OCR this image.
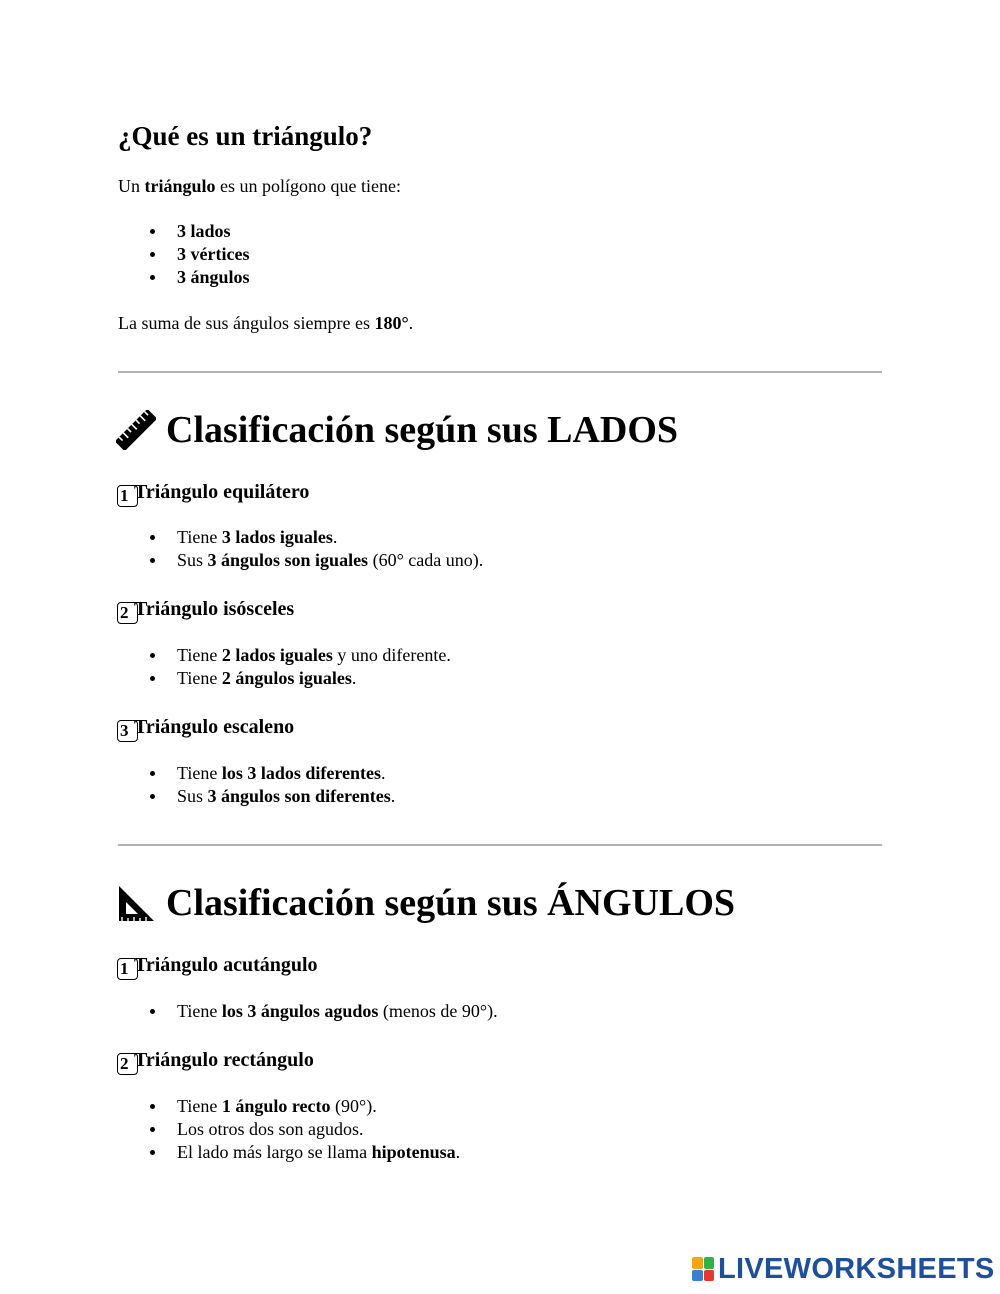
¿Qué es un triángulo?

Un triángulo es un polígono que tiene:

3 lados
3 vértices
3 ángulos

La suma de sus ángulos siempre es 180°.

Clasificación según sus LADOS
1 Triángulo equilátero
Tiene 3 lados iguales.
Sus 3 ángulos son iguales (60° cada uno).
2 Triángulo isósceles
Tiene 2 lados iguales y uno diferente.
Tiene 2 ángulos iguales.
3 Triángulo escaleno
Tiene los 3 lados diferentes.
Sus 3 ángulos son diferentes.
Clasificación según sus ÁNGULOS
1 Triángulo acutángulo
Tiene los 3 ángulos agudos (menos de 90°).
2 Triángulo rectángulo
Tiene 1 ángulo recto (90°).
Los otros dos son agudos.
El lado más largo se llama hipotenusa.
LIVEWORKSHEETS
